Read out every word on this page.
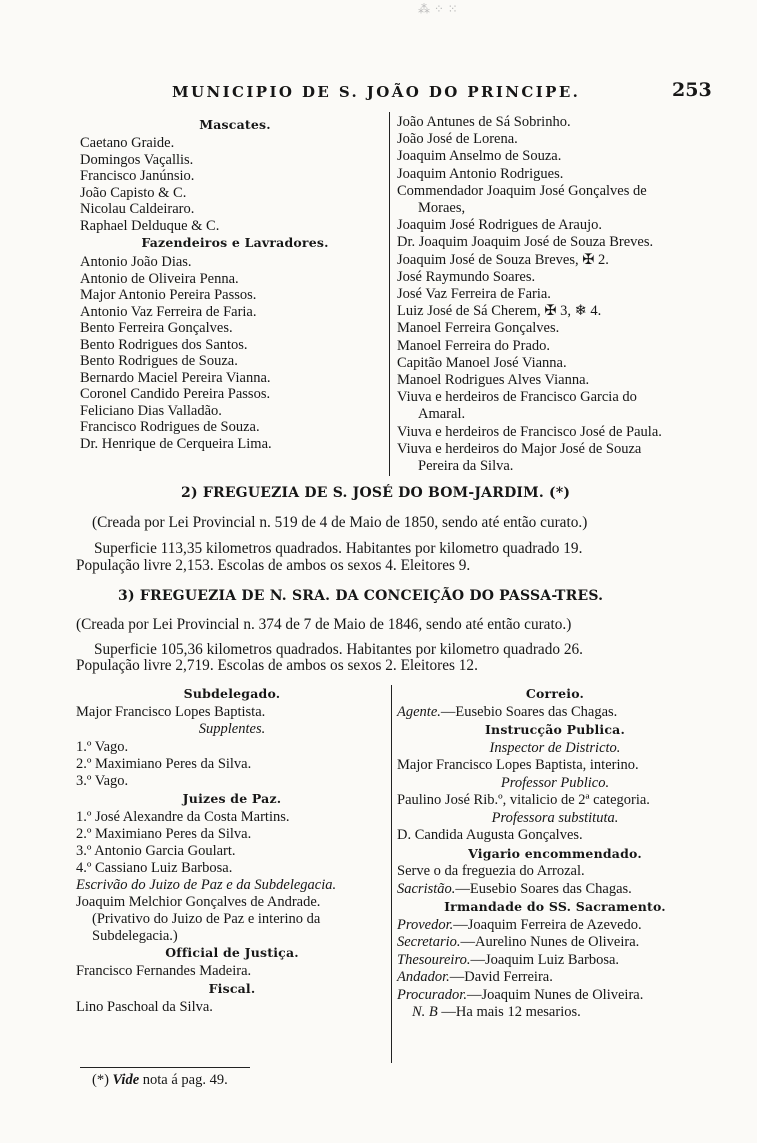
⁂ ⁘ ⁙
MUNICIPIO DE S. JOÃO DO PRINCIPE.	253
Mascates.
Caetano Graide.
Domingos Vaçallis.
Francisco Janúnsio.
João Capisto & C.
Nicolau Caldeiraro.
Raphael Delduque & C.
Fazendeiros e Lavradores.
Antonio João Dias.
Antonio de Oliveira Penna.
Major Antonio Pereira Passos.
Antonio Vaz Ferreira de Faria.
Bento Ferreira Gonçalves.
Bento Rodrigues dos Santos.
Bento Rodrigues de Souza.
Bernardo Maciel Pereira Vianna.
Coronel Candido Pereira Passos.
Feliciano Dias Valladão.
Francisco Rodrigues de Souza.
Dr. Henrique de Cerqueira Lima.
João Antunes de Sá Sobrinho.
João José de Lorena.
Joaquim Anselmo de Souza.
Joaquim Antonio Rodrigues.
Commendador Joaquim José Gonçalves de
Moraes,
Joaquim José Rodrigues de Araujo.
Dr. Joaquim Joaquim José de Souza Breves.
Joaquim José de Souza Breves, ✠ 2.
José Raymundo Soares.
José Vaz Ferreira de Faria.
Luiz José de Sá Cherem, ✠ 3, ❄ 4.
Manoel Ferreira Gonçalves.
Manoel Ferreira do Prado.
Capitão Manoel José Vianna.
Manoel Rodrigues Alves Vianna.
Viuva e herdeiros de Francisco Garcia do
Amaral.
Viuva e herdeiros de Francisco José de Paula.
Viuva e herdeiros do Major José de Souza
Pereira da Silva.
2) FREGUEZIA DE S. JOSÉ DO BOM-JARDIM. (*)
(Creada por Lei Provincial n. 519 de 4 de Maio de 1850, sendo até então curato.)
Superficie 113,35 kilometros quadrados. Habitantes por kilometro quadrado 19.
População livre 2,153. Escolas de ambos os sexos 4. Eleitores 9.
3) FREGUEZIA DE N. SRA. DA CONCEIÇÃO DO PASSA-TRES.
(Creada por Lei Provincial n. 374 de 7 de Maio de 1846, sendo até então curato.)
Superficie 105,36 kilometros quadrados. Habitantes por kilometro quadrado 26.
População livre 2,719. Escolas de ambos os sexos 2. Eleitores 12.
Subdelegado.
Major Francisco Lopes Baptista.
Supplentes.
1.º Vago.
2.º Maximiano Peres da Silva.
3.º Vago.
Juizes de Paz.
1.º José Alexandre da Costa Martins.
2.º Maximiano Peres da Silva.
3.º Antonio Garcia Goulart.
4.º Cassiano Luiz Barbosa.
Escrivão do Juizo de Paz e da Subdelegacia.
Joaquim Melchior Gonçalves de Andrade.
(Privativo do Juizo de Paz e interino da
Subdelegacia.)
Official de Justiça.
Francisco Fernandes Madeira.
Fiscal.
Lino Paschoal da Silva.
Correio.
Agente.—Eusebio Soares das Chagas.
Instrucção Publica.
Inspector de Districto.
Major Francisco Lopes Baptista, interino.
Professor Publico.
Paulino José Rib.º, vitalicio de 2ª categoria.
Professora substituta.
D. Candida Augusta Gonçalves.
Vigario encommendado.
Serve o da freguezia do Arrozal.
Sacristão.—Eusebio Soares das Chagas.
Irmandade do SS. Sacramento.
Provedor.—Joaquim Ferreira de Azevedo.
Secretario.—Aurelino Nunes de Oliveira.
Thesoureiro.—Joaquim Luiz Barbosa.
Andador.—David Ferreira.
Procurador.—Joaquim Nunes de Oliveira.
N. B —Ha mais 12 mesarios.
(*) Vide nota á pag. 49.
